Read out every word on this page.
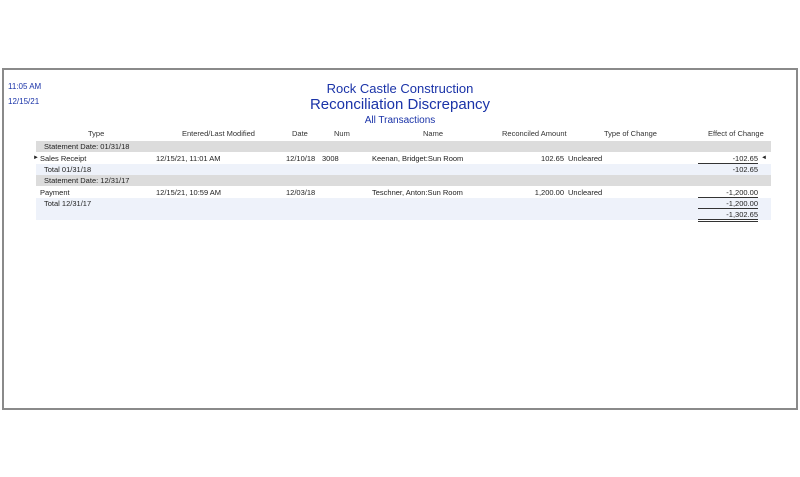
11:05 AM
12/15/21
Rock Castle Construction
Reconciliation Discrepancy
All Transactions
Type	Entered/Last Modified	Date	Num	Name	Reconciled Amount	Type of Change	Effect of Change
Statement Date: 01/31/18
► Sales Receipt	12/15/21, 11:01 AM	12/10/18 3008	Keenan, Bridget:Sun Room	102.65 Uncleared	-102.65 ◄
Total 01/31/18	-102.65
Statement Date: 12/31/17
Payment	12/15/21, 10:59 AM	12/03/18	Teschner, Anton:Sun Room	1,200.00 Uncleared	-1,200.00
Total 12/31/17	-1,200.00
-1,302.65
